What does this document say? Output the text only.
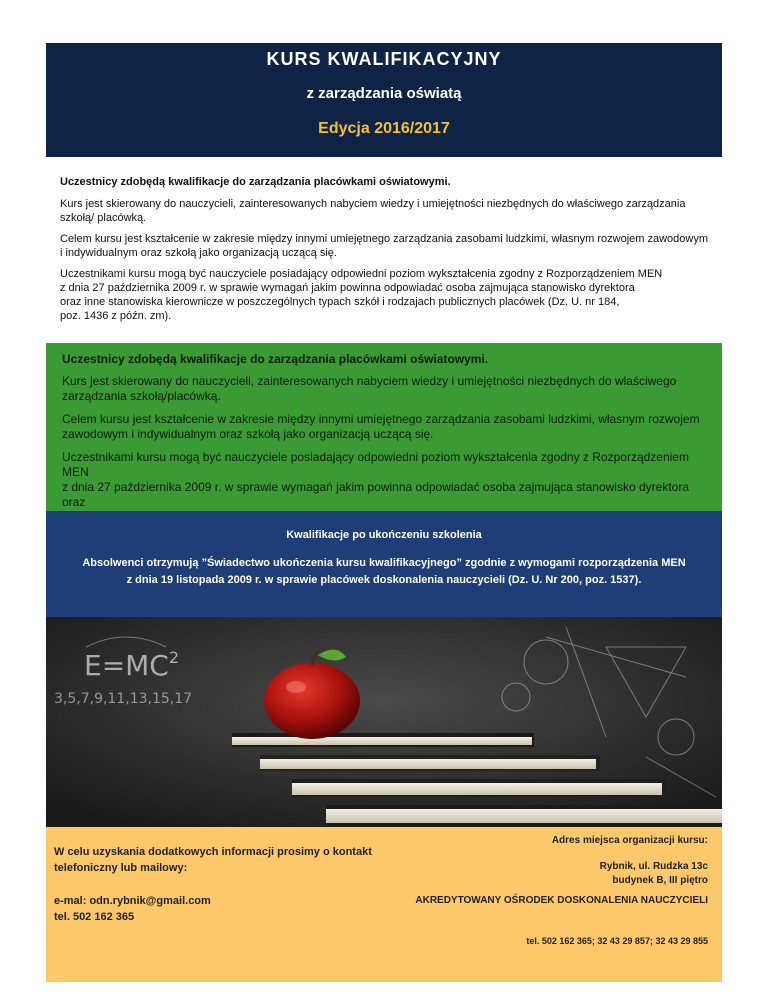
KURS KWALIFIKACYJNY
z zarządzania oświatą
Edycja 2016/2017

Uczestnicy zdobędą kwalifikacje do zarządzania placówkami oświatowymi.

Kurs jest skierowany do nauczycieli, zainteresowanych nabyciem wiedzy i umiejętności niezbędnych do właściwego zarządzania szkołą/ placówką.

Celem kursu jest kształcenie w zakresie między innymi umiejętnego zarządzania zasobami ludzkimi, własnym rozwojem zawodowym
i indywidualnym oraz szkołą jako organizacją uczącą się.

Uczestnikami kursu mogą być nauczyciele posiadający odpowiedni poziom wykształcenia zgodny z Rozporządzeniem MEN
z dnia 27 października 2009 r. w sprawie wymagań jakim powinna odpowiadać osoba zajmująca stanowisko dyrektora
oraz inne stanowiska kierownicze w poszczególnych typach szkół i rodzajach publicznych placówek (Dz. U. nr 184,
poz. 1436 z późn. zm).

Uczestnicy zdobędą kwalifikacje do zarządzania placówkami oświatowymi.

Kurs jest skierowany do nauczycieli, zainteresowanych nabyciem wiedzy i umiejętności niezbędnych do właściwego
zarządzania szkołą/placówką.

Celem kursu jest kształcenie w zakresie między innymi umiejętnego zarządzania zasobami ludzkimi, własnym rozwojem
zawodowym i indywidualnym oraz szkołą jako organizacją uczącą się.

Uczestnikami kursu mogą być nauczyciele posiadający odpowiedni poziom wykształcenia zgodny z Rozporządzeniem MEN
z dnia 27 października 2009 r. w sprawie wymagań jakim powinna odpowiadać osoba zajmująca stanowisko dyrektora oraz

Kwalifikacje po ukończeniu szkolenia
Absolwenci otrzymują ”Świadectwo ukończenia kursu kwalifikacyjnego” zgodnie z wymogami rozporządzenia MEN
z dnia 19 listopada 2009 r. w sprawie placówek doskonalenia nauczycieli (Dz. U. Nr 200, poz. 1537).
$E=MC^2$
3,5,7,9,11,13,15,17
W celu uzyskania dodatkowych informacji prosimy o kontakt
telefoniczny lub mailowy:
e-mal: odn.rybnik@gmail.com
tel. 502 162 365
Adres miejsca organizacji kursu:
Rybnik, ul. Rudzka 13c
budynek B, III piętro
AKREDYTOWANY OŚRODEK DOSKONALENIA NAUCZYCIELI
tel. 502 162 365; 32 43 29 857; 32 43 29 855
